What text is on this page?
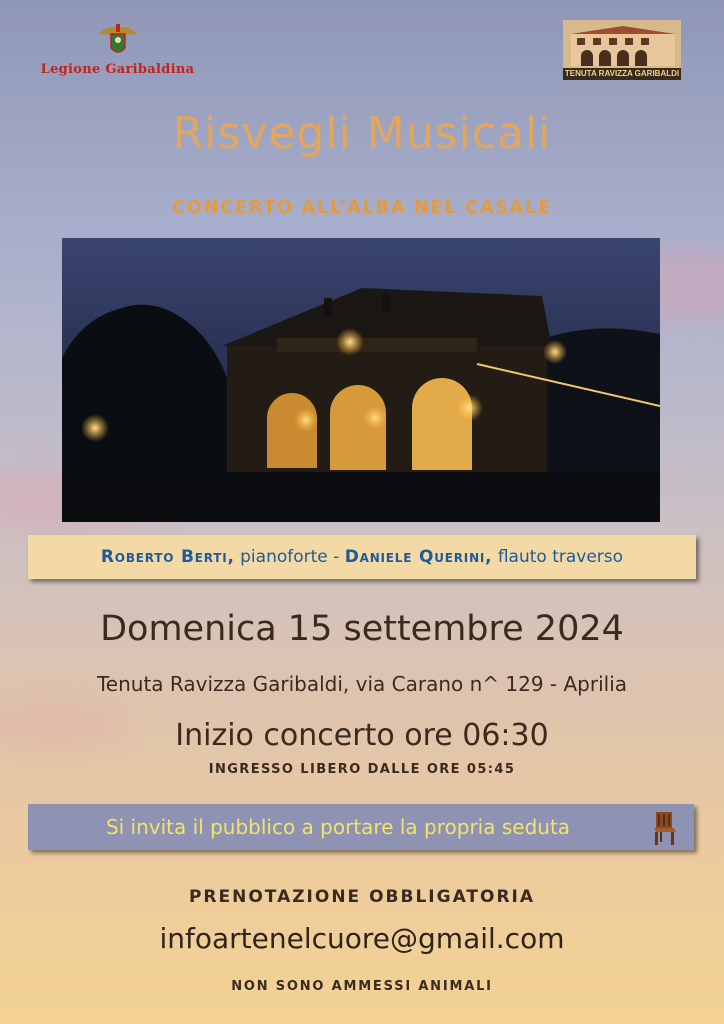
Legione Garibaldina	TENUTA RAVIZZA GARIBALDI
Risvegli Musicali
CONCERTO ALL’ALBA NEL CASALE
Roberto Berti, pianoforte - Daniele Querini, flauto traverso
Domenica 15 settembre 2024
Tenuta Ravizza Garibaldi, via Carano n^ 129 - Aprilia
Inizio concerto ore 06:30
INGRESSO LIBERO DALLE ORE 05:45
Si invita il pubblico a portare la propria seduta
PRENOTAZIONE OBBLIGATORIA
infoartenelcuore@gmail.com
NON SONO AMMESSI ANIMALI
